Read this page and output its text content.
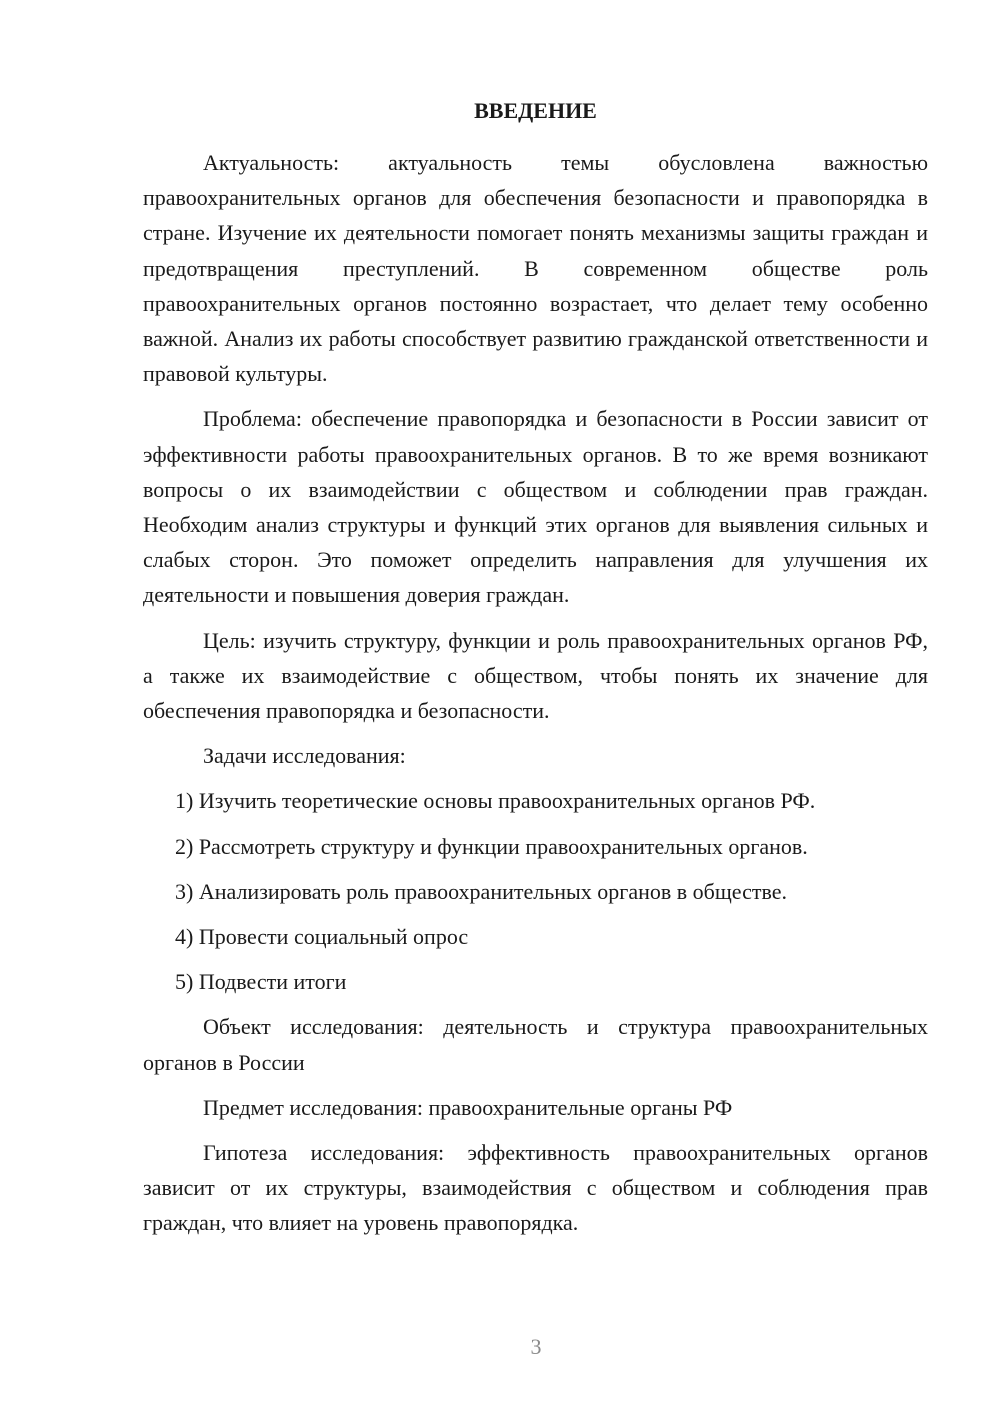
ВВЕДЕНИЕ

Актуальность: актуальность темы обусловлена важностью правоохранительных органов для обеспечения безопасности и правопорядка в стране. Изучение их деятельности помогает понять механизмы защиты граждан и предотвращения преступлений. В современном обществе роль правоохранительных органов постоянно возрастает, что делает тему особенно важной. Анализ их работы способствует развитию гражданской ответственности и правовой культуры.

Проблема: обеспечение правопорядка и безопасности в России зависит от эффективности работы правоохранительных органов. В то же время возникают вопросы о их взаимодействии с обществом и соблюдении прав граждан. Необходим анализ структуры и функций этих органов для выявления сильных и слабых сторон. Это поможет определить направления для улучшения их деятельности и повышения доверия граждан.

Цель: изучить структуру, функции и роль правоохранительных органов РФ, а также их взаимодействие с обществом, чтобы понять их значение для обеспечения правопорядка и безопасности.

Задачи исследования:

1) Изучить теоретические основы правоохранительных органов РФ.

2) Рассмотреть структуру и функции правоохранительных органов.

3) Анализировать роль правоохранительных органов в обществе.

4) Провести социальный опрос

5) Подвести итоги

Объект исследования: деятельность и структура правоохранительных органов в России

Предмет исследования: правоохранительные органы РФ

Гипотеза исследования: эффективность правоохранительных органов зависит от их структуры, взаимодействия с обществом и соблюдения прав граждан, что влияет на уровень правопорядка.

3
